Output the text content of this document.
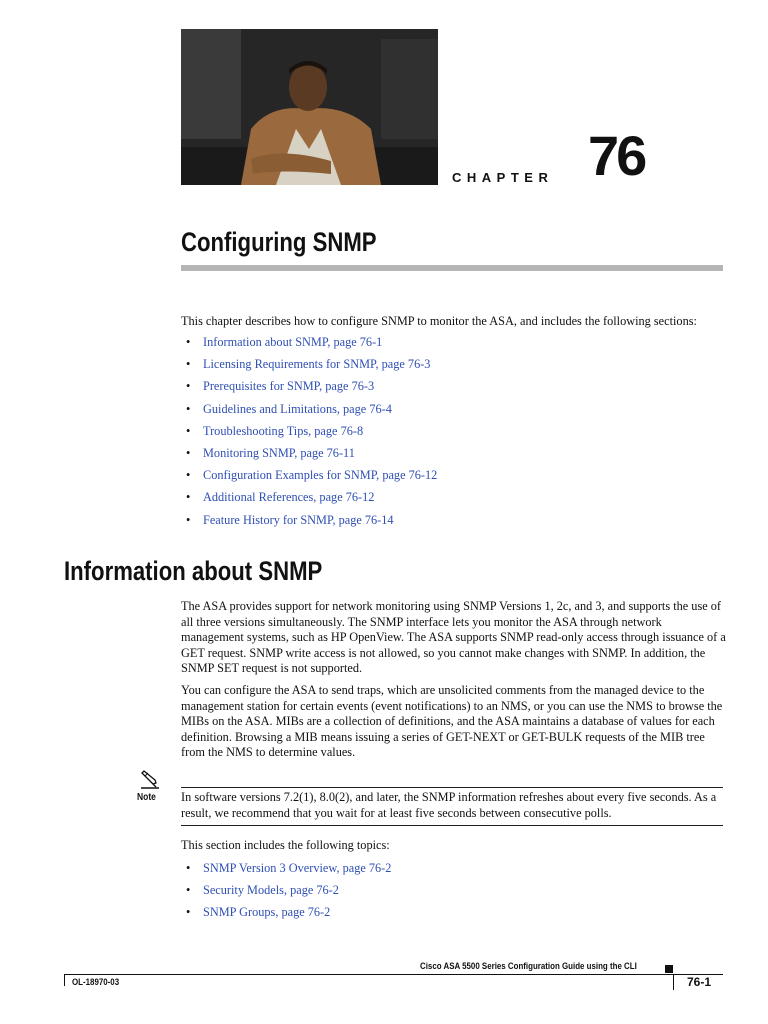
CHAPTER 76
Configuring SNMP

This chapter describes how to configure SNMP to monitor the ASA, and includes the following sections:

• Information about SNMP, page 76-1
• Licensing Requirements for SNMP, page 76-3
• Prerequisites for SNMP, page 76-3
• Guidelines and Limitations, page 76-4
• Troubleshooting Tips, page 76-8
• Monitoring SNMP, page 76-11
• Configuration Examples for SNMP, page 76-12
• Additional References, page 76-12
• Feature History for SNMP, page 76-14
Information about SNMP

The ASA provides support for network monitoring using SNMP Versions 1, 2c, and 3, and supports the use of all three versions simultaneously. The SNMP interface lets you monitor the ASA through network management systems, such as HP OpenView. The ASA supports SNMP read-only access through issuance of a GET request. SNMP write access is not allowed, so you cannot make changes with SNMP. In addition, the SNMP SET request is not supported.

You can configure the ASA to send traps, which are unsolicited comments from the managed device to the management station for certain events (event notifications) to an NMS, or you can use the NMS to browse the MIBs on the ASA. MIBs are a collection of definitions, and the ASA maintains a database of values for each definition. Browsing a MIB means issuing a series of GET-NEXT or GET-BULK requests of the MIB tree from the NMS to determine values.

Note In software versions 7.2(1), 8.0(2), and later, the SNMP information refreshes about every five seconds. As a result, we recommend that you wait for at least five seconds between consecutive polls.

This section includes the following topics:

• SNMP Version 3 Overview, page 76-2
• Security Models, page 76-2
• SNMP Groups, page 76-2
Cisco ASA 5500 Series Configuration Guide using the CLI
OL-18970-03	76-1
